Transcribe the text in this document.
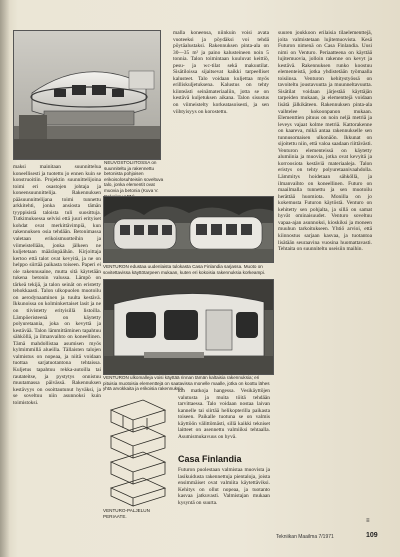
NEUVOSTOLIITOSSA on suunniteltu ja rakennettu betonista pohjoisen erikoisolosuhteisiin soveltuva talo, jonka elementit ovat muovia ja betonia (Kuva V.
VENTURON edustaa uudenlaista tulokasta Casa Finlandia sarjassa. Muoto on sovitettavissa käyttötarpeen mukaan, kuten eri kokoisia rakennuksia korkeampi.
VENTURON ulkomalleja voisi käyttää rinnan tämän kaltaisia rakennuksia; eri pituisia muotoisia elementtejä on saatavissa monelle maalle, jotka on koottu lähes yhtä arvokkaita ja erikoisia rakennuksia.

maksi mainitaan suunnittelua koneellisesti ja tuotettu jo ennen kuin se konstruoitiin. Projektin suunnittelijoina toimi eri osastojen johtaja ja koneensuunnittelija. Rakennuksen pääsuunnittelijana toimi tunnettu arkkitehti, jonka ansiosta tämän tyyppisistä taloista tuli suosittuja. Tutkimuksessa selvisi että juuri erityiset kohdat ovat merkittävimpiä, kun rakennuksen osia tehdään. Betonimassa valetaan erikoismuotteihin ja viimeistellään, jonka jälkeen ne kuljetetaan määränpäähän. Kirjoittaja kertoo että talot ovat kevyitä, ja ne on helppo siirtää paikasta toiseen. Paperi ei ole rakennusaine, mutta sitä käytetään tukena betonin valussa. Lämpö on tärkeä tekijä, ja talon seinät on eristetty tehokkaasti. Talon ulkopuolen muotoilu on aerodynaaminen ja tuulta kestävä. Ikkunoissa on kolminkertaiset lasit ja ne on tiivistetty erityisillä listoilla. Lämpöeristeenä on käytetty polyuretaania, joka on kevyttä ja kestävää. Talon lämmittäminen tapahtuu sähköllä, ja ilmanvaihto on koneellinen. Tämä mahdollistaa asumisen myös kylmimmillä alueilla. Tällaisten talojen valmistus on nopeaa, ja niitä voidaan tuottaa sarjatuotantona tehtaissa. Kuljetus tapahtuu rekka-autoilla tai rautateitse, ja pystytys onnistuu muutamassa päivässä. Rakennuksen kestävyys on osoittautunut hyväksi, ja se soveltuu niin asunnoksi kuin toimistoksi.

malla koneensa, niinkuin voisi avata vuoteeksi ja pöydäksi voi tehdä pöytäalustaksi. Rakennuksen pinta-ala on 30—35 m² ja paino kalusteineen noin 5 tonnia. Talon toimintaan kuuluvat keittiö, pesu- ja wc-tilat sekä makuutilat. Sisätiloissa sijaitsevat kaikki tarpeelliset kalusteet. Talo voidaan kuljettaa myös erilliskuljetuksena. Kalustus on tehty kiinteästi seinämateriaaliin, jotta se on kestävä kuljetuksen aikana. Talon sisustus on viimeistelty korkeatasoisesti, ja sen viihtyisyys on korostettu.

VENTURO-PALJELUN PERIAATE.

kin matkoja hangessa. Vesikäyttöjen valutusta ja muita töitä tehdään tarvittaessa. Talo voidaan nostaa laivan kannelle tai siirtää helikopterilla paikasta toiseen. Paikalle tuotuna se on valmis käyttöön välittömästi, sillä kaikki tekniset laitteet on asennettu valmiiksi tehtaalla. Asumismukavuus on hyvä.

Casa Finlandia

Futuron puolestaan valmistaa muovista ja lasikuidusta rakennettuja pientaloja, joista ensimmäiset ovat valmiita käytettäviksi. Kehitys on ollut nopeaa, ja tuotanto kasvaa jatkuvasti. Valmistajan mukaan kysyntä on suurta.

suuren joukkoon erilaisia tilaelementtejä, joita valmistetaan lujitemuovista. Kesä Futuron nimenä on Casa Finlandia. Uusi nimi on Venturo. Periaatteena on käyttää lujitemuovia, jolloin rakenne on kevyt ja kestävä. Rakennuksen runko koostuu elementeistä, jotka yhdistetään työmaalla toisiinsa. Venturon kehitystyössä on tavoiteltu joustavuutta ja muunneltavuutta. Sisätilat voidaan järjestää käyttäjän tarpeiden mukaan, ja elementtejä voidaan lisätä jälkikäteen. Rakennuksen pinta-ala vaihtelee kokoonpanon mukaan. Elementtien pituus on noin neljä metriä ja leveys vajaat kolme metriä. Kattorakenne on kaareva, mikä antaa rakennukselle sen tunnusomaisen ulkonäön. Ikkunat on sijoitettu niin, että valoa saadaan riittävästi. Venturon elementeissä on käytetty alumiinia ja muovia, jotka ovat kevyitä ja korroosiota kestäviä materiaaleja. Talon eristys on tehty polyuretaanivaahdolla. Lämmitys hoidetaan sähköllä, ja ilmanvaihto on koneellinen. Futuro on maailmalla tunnettu ja sen muotoilu herättää huomiota. Monilla on jo kokemusta Futuron käytöstä. Venturo on kehitetty sen pohjalta, ja sillä on samat hyvät ominaisuudet. Venturo soveltuu vapaa-ajan asunnoksi, kioskiksi ja moneen muuhun tarkoitukseen. Yhtiö arvioi, että kiinnostus sarjaan kasvaa, ja tuotantoa lisätään seuraavina vuosina huomattavasti. Tehtaita on suunniteltu useisiin maihin.

≡
Tekniikan Maailma 7/1971	109
